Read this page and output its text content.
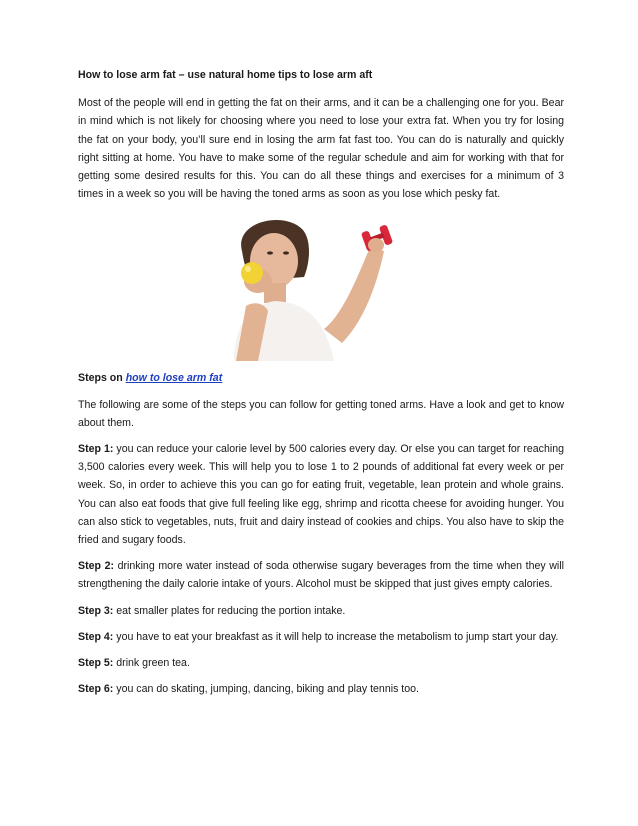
How to lose arm fat – use natural home tips to lose arm aft

Most of the people will end in getting the fat on their arms, and it can be a challenging one for you. Bear in mind which is not likely for choosing where you need to lose your extra fat. When you try for losing the fat on your body, you’ll sure end in losing the arm fat fast too. You can do is naturally and quickly right sitting at home. You have to make some of the regular schedule and aim for working with that for getting some desired results for this. You can do all these things and exercises for a minimum of 3 times in a week so you will be having the toned arms as soon as you lose which pesky fat.

Steps on how to lose arm fat

The following are some of the steps you can follow for getting toned arms. Have a look and get to know about them.

Step 1: you can reduce your calorie level by 500 calories every day. Or else you can target for reaching 3,500 calories every week. This will help you to lose 1 to 2 pounds of additional fat every week or per week. So, in order to achieve this you can go for eating fruit, vegetable, lean protein and whole grains. You can also eat foods that give full feeling like egg, shrimp and ricotta cheese for avoiding hunger. You can also stick to vegetables, nuts, fruit and dairy instead of cookies and chips. You also have to skip the fried and sugary foods.

Step 2: drinking more water instead of soda otherwise sugary beverages from the time when they will strengthening the daily calorie intake of yours. Alcohol must be skipped that just gives empty calories.

Step 3: eat smaller plates for reducing the portion intake.

Step 4: you have to eat your breakfast as it will help to increase the metabolism to jump start your day.

Step 5: drink green tea.

Step 6: you can do skating, jumping, dancing, biking and play tennis too.
